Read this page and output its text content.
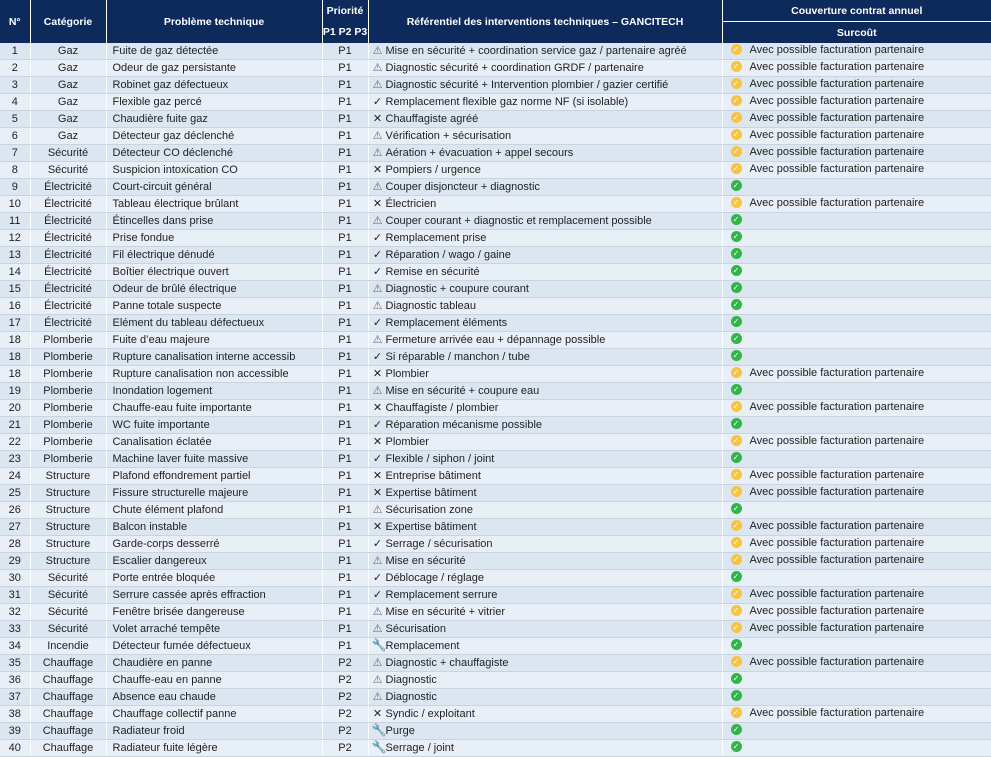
N°	Catégorie	Problème technique	Priorité	Référentiel des interventions techniques – GANCITECH	Couverture contrat annuel
			P1 P2 P3		Surcoût
1	Gaz	Fuite de gaz détectée	P1	⚠ Mise en sécurité + coordination service gaz / partenaire agréé	✓ Avec possible facturation partenaire
2	Gaz	Odeur de gaz persistante	P1	⚠ Diagnostic sécurité + coordination GRDF / partenaire	✓ Avec possible facturation partenaire
3	Gaz	Robinet gaz défectueux	P1	⚠ Diagnostic sécurité + Intervention plombier / gazier certifié	✓ Avec possible facturation partenaire
4	Gaz	Flexible gaz percé	P1	✓ Remplacement flexible gaz norme NF (si isolable)	✓ Avec possible facturation partenaire
5	Gaz	Chaudière fuite gaz	P1	✕ Chauffagiste agréé	✓ Avec possible facturation partenaire
6	Gaz	Détecteur gaz déclenché	P1	⚠ Vérification + sécurisation	✓ Avec possible facturation partenaire
7	Sécurité	Détecteur CO déclenché	P1	⚠ Aération + évacuation + appel secours	✓ Avec possible facturation partenaire
8	Sécurité	Suspicion intoxication CO	P1	✕ Pompiers / urgence	✓ Avec possible facturation partenaire
9	Électricité	Court-circuit général	P1	⚠ Couper disjoncteur + diagnostic	✓

10	Électricité	Tableau électrique brûlant	P1	✕ Électricien	✓ Avec possible facturation partenaire
11	Électricité	Étincelles dans prise	P1	⚠ Couper courant + diagnostic et remplacement possible	✓

12	Électricité	Prise fondue	P1	✓ Remplacement prise	✓

13	Électricité	Fil électrique dénudé	P1	✓ Réparation / wago / gaine	✓

14	Électricité	Boîtier électrique ouvert	P1	✓ Remise en sécurité	✓

15	Électricité	Odeur de brûlé électrique	P1	⚠ Diagnostic + coupure courant	✓

16	Électricité	Panne totale suspecte	P1	⚠ Diagnostic tableau	✓

17	Électricité	Elément du tableau défectueux	P1	✓ Remplacement éléments	✓

18	Plomberie	Fuite d’eau majeure	P1	⚠ Fermeture arrivée eau + dépannage possible	✓

18	Plomberie	Rupture canalisation interne accessib	P1	✓ Si réparable / manchon / tube	✓

18	Plomberie	Rupture canalisation non accessible	P1	✕ Plombier	✓ Avec possible facturation partenaire
19	Plomberie	Inondation logement	P1	⚠ Mise en sécurité + coupure eau	✓

20	Plomberie	Chauffe-eau fuite importante	P1	✕ Chauffagiste / plombier	✓ Avec possible facturation partenaire
21	Plomberie	WC fuite importante	P1	✓ Réparation mécanisme possible	✓

22	Plomberie	Canalisation éclatée	P1	✕ Plombier	✓ Avec possible facturation partenaire
23	Plomberie	Machine laver fuite massive	P1	✓ Flexible / siphon / joint	✓

24	Structure	Plafond effondrement partiel	P1	✕ Entreprise bâtiment	✓ Avec possible facturation partenaire
25	Structure	Fissure structurelle majeure	P1	✕ Expertise bâtiment	✓ Avec possible facturation partenaire
26	Structure	Chute élément plafond	P1	⚠ Sécurisation zone	✓

27	Structure	Balcon instable	P1	✕ Expertise bâtiment	✓ Avec possible facturation partenaire
28	Structure	Garde-corps desserré	P1	✓ Serrage / sécurisation	✓ Avec possible facturation partenaire
29	Structure	Escalier dangereux	P1	⚠ Mise en sécurité	✓ Avec possible facturation partenaire
30	Sécurité	Porte entrée bloquée	P1	✓ Déblocage / réglage	✓

31	Sécurité	Serrure cassée après effraction	P1	✓ Remplacement serrure	✓ Avec possible facturation partenaire
32	Sécurité	Fenêtre brisée dangereuse	P1	⚠ Mise en sécurité + vitrier	✓ Avec possible facturation partenaire
33	Sécurité	Volet arraché tempête	P1	⚠ Sécurisation	✓ Avec possible facturation partenaire
34	Incendie	Détecteur fumée défectueux	P1	🔧Remplacement	✓

35	Chauffage	Chaudière en panne	P2	⚠ Diagnostic + chauffagiste	✓ Avec possible facturation partenaire
36	Chauffage	Chauffe-eau en panne	P2	⚠ Diagnostic	✓

37	Chauffage	Absence eau chaude	P2	⚠ Diagnostic	✓

38	Chauffage	Chauffage collectif panne	P2	✕ Syndic / exploitant	✓ Avec possible facturation partenaire
39	Chauffage	Radiateur froid	P2	🔧Purge	✓

40	Chauffage	Radiateur fuite légère	P2	🔧Serrage / joint	✓
